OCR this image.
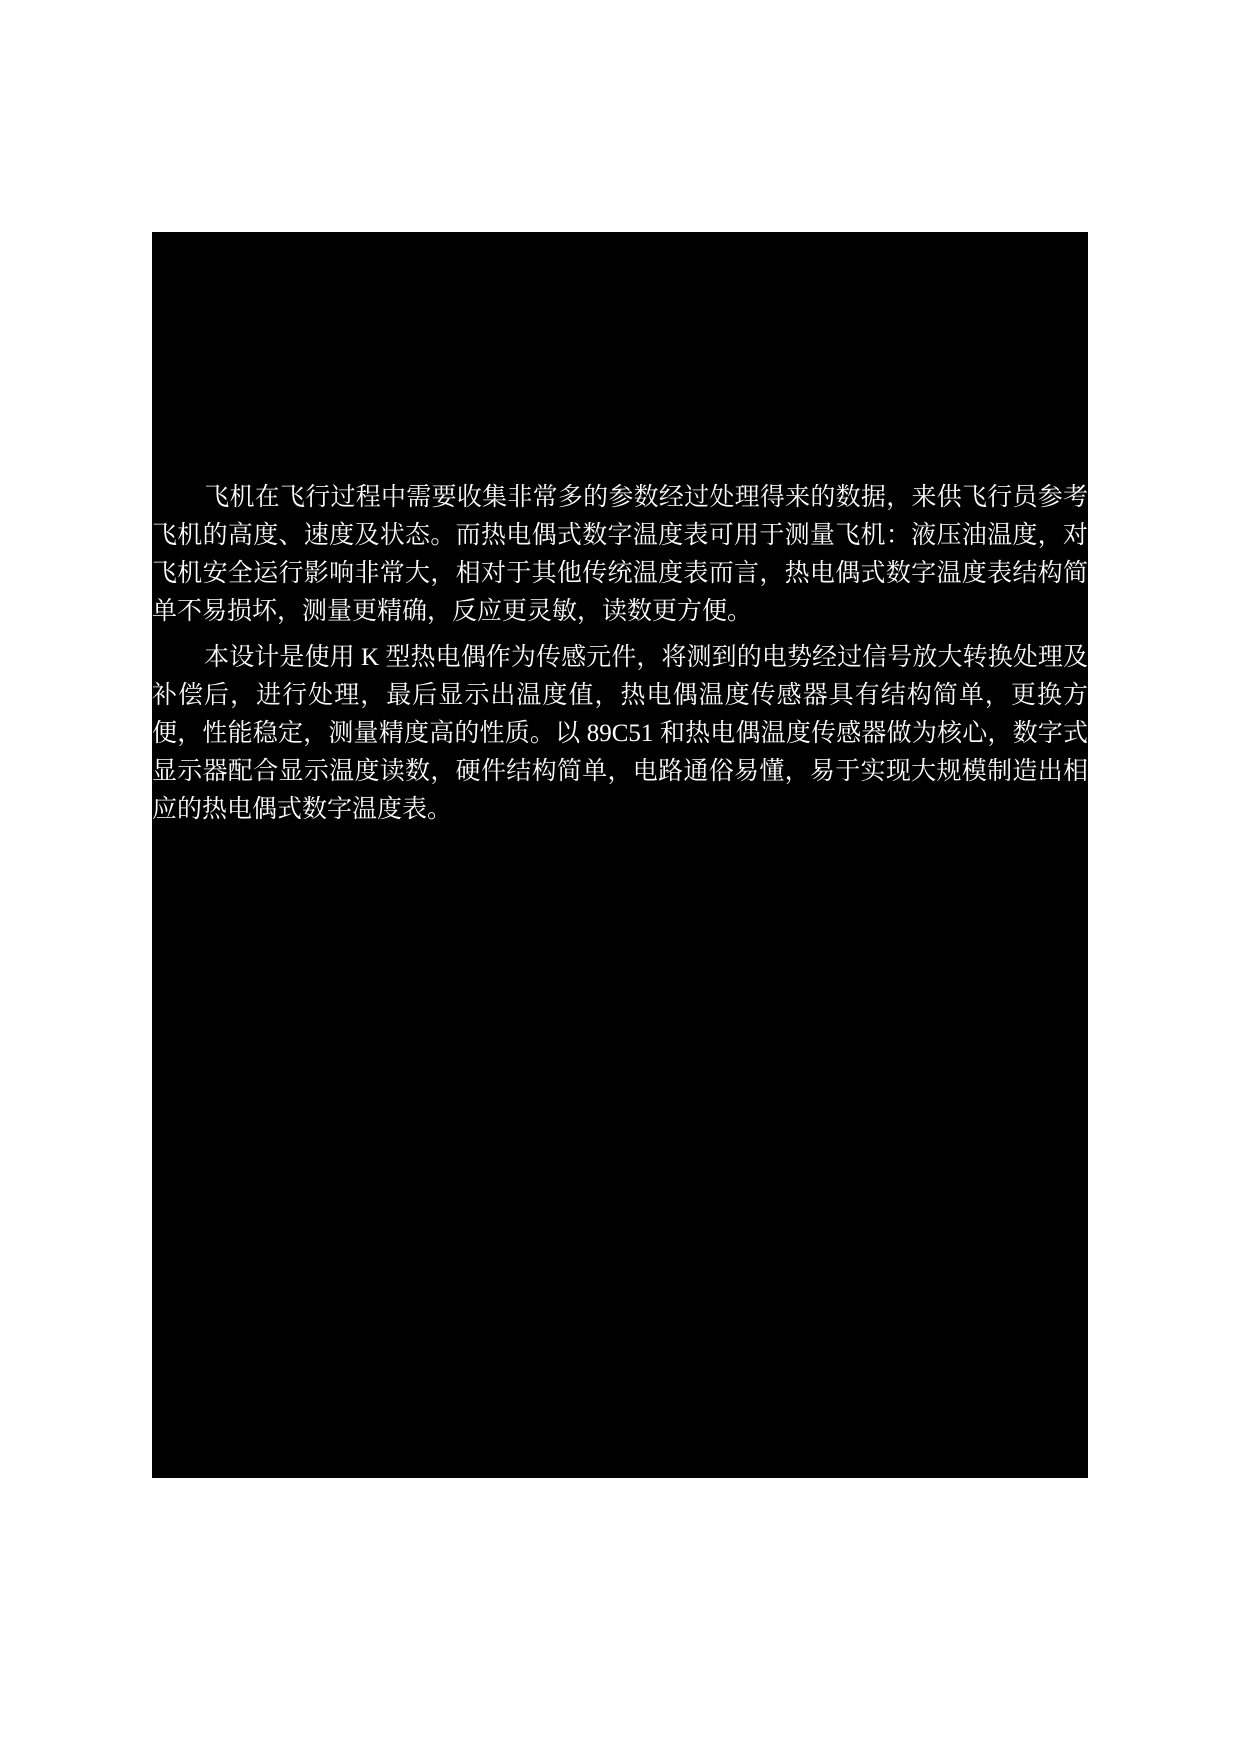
飞机在飞行过程中需要收集非常多的参数经过处理得来的数据，来供飞行员参考飞机的高度、速度及状态。而热电偶式数字温度表可用于测量飞机：液压油温度，对飞机安全运行影响非常大，相对于其他传统温度表而言，热电偶式数字温度表结构简单不易损坏，测量更精确，反应更灵敏，读数更方便。

本设计是使用 K 型热电偶作为传感元件，将测到的电势经过信号放大转换处理及补偿后，进行处理，最后显示出温度值，热电偶温度传感器具有结构简单，更换方便，性能稳定，测量精度高的性质。以 89C51 和热电偶温度传感器做为核心，数字式显示器配合显示温度读数，硬件结构简单，电路通俗易懂，易于实现大规模制造出相应的热电偶式数字温度表。
